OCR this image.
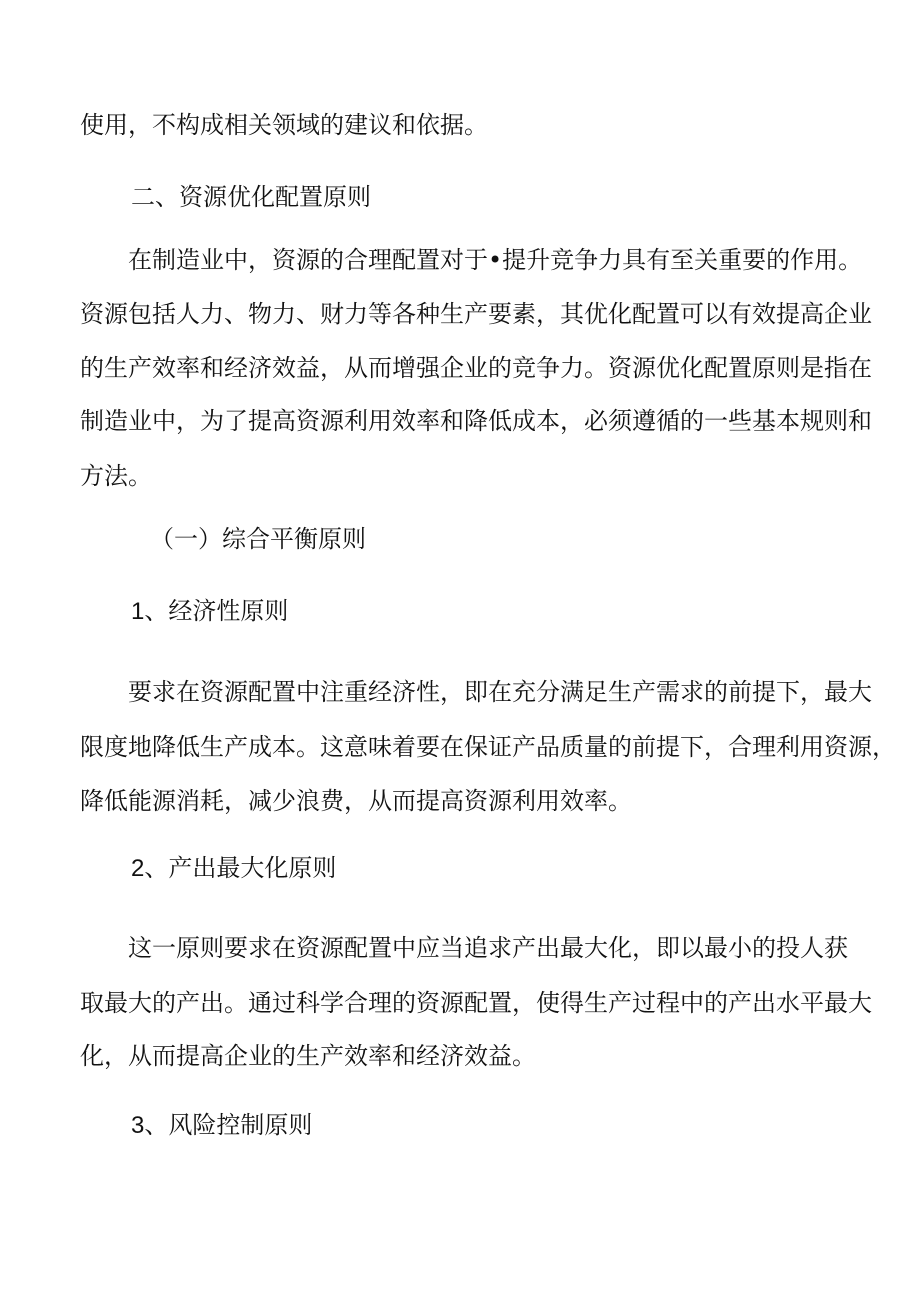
使用，不构成相关领域的建议和依据。

二、资源优化配置原则

在制造业中，资源的合理配置对于•提升竞争力具有至关重要的作用。

资源包括人力、物力、财力等各种生产要素，其优化配置可以有效提高企业

的生产效率和经济效益，从而增强企业的竞争力。资源优化配置原则是指在

制造业中，为了提高资源利用效率和降低成本，必须遵循的一些基本规则和

方法。

（一）综合平衡原则

1、经济性原则

要求在资源配置中注重经济性，即在充分满足生产需求的前提下，最大

限度地降低生产成本。这意味着要在保证产品质量的前提下，合理利用资源，

降低能源消耗，减少浪费，从而提高资源利用效率。

2、产出最大化原则

这一原则要求在资源配置中应当追求产出最大化，即以最小的投人获

取最大的产出。通过科学合理的资源配置，使得生产过程中的产出水平最大

化，从而提高企业的生产效率和经济效益。

3、风险控制原则
